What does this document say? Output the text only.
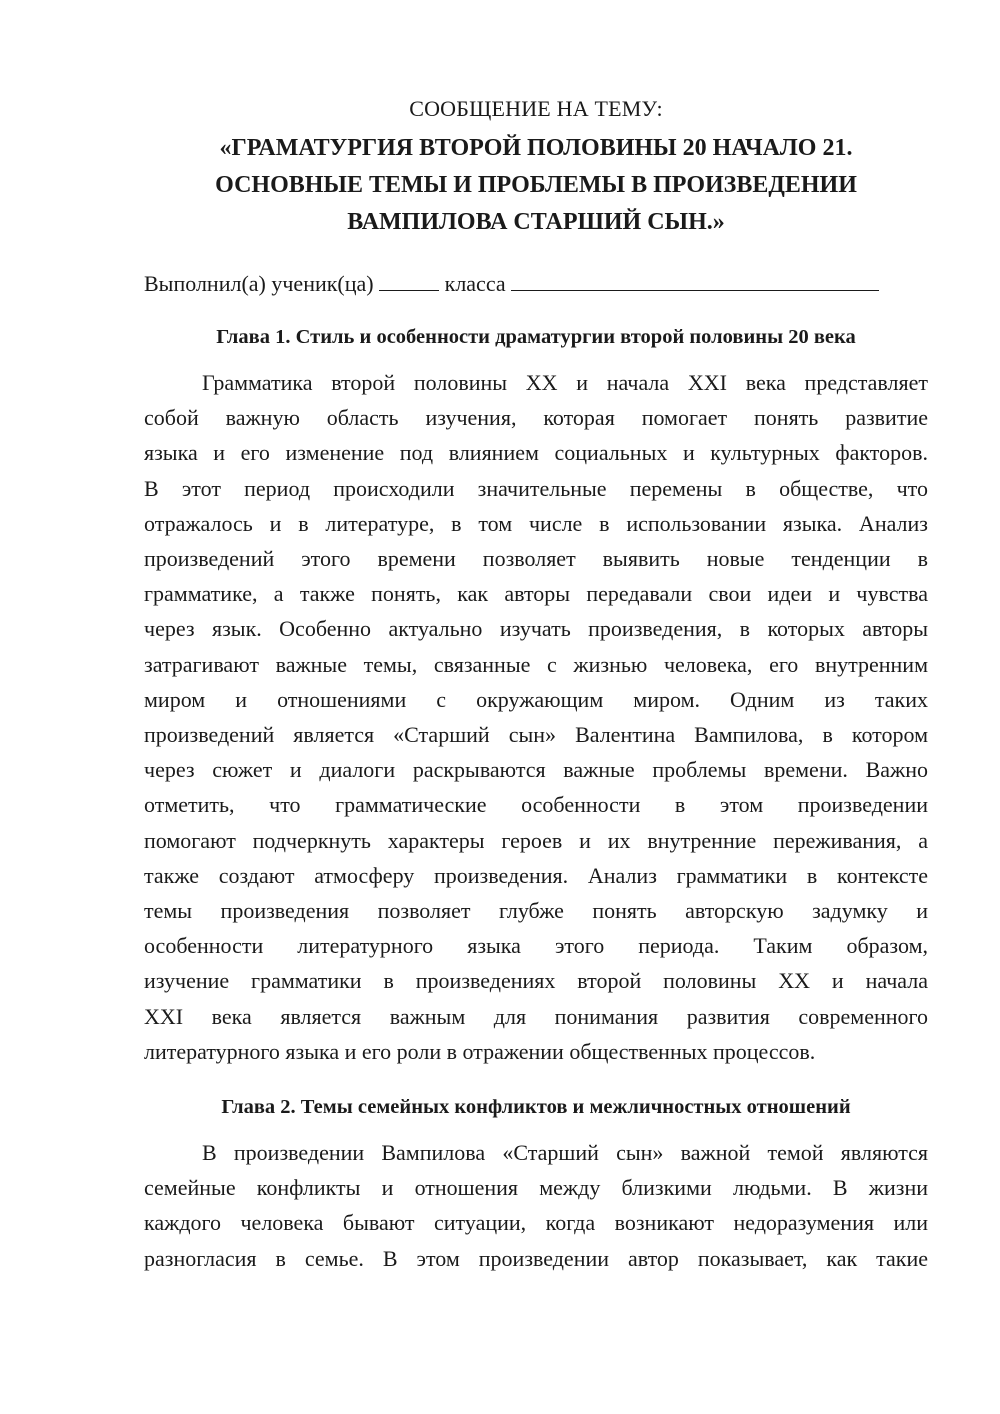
СООБЩЕНИЕ НА ТЕМУ:

«ГРАМАТУРГИЯ ВТОРОЙ ПОЛОВИНЫ 20 НАЧАЛО 21.
ОСНОВНЫЕ ТЕМЫ И ПРОБЛЕМЫ В ПРОИЗВЕДЕНИИ
ВАМПИЛОВА СТАРШИЙ СЫН.»

Выполнил(а) ученик(ца)	класса

Глава 1. Стиль и особенности драматургии второй половины 20 века
Грамматика второй половины XX и начала XXI века представляет
собой важную область изучения, которая помогает понять развитие
языка и его изменение под влиянием социальных и культурных факторов.
В этот период происходили значительные перемены в обществе, что
отражалось и в литературе, в том числе в использовании языка. Анализ
произведений этого времени позволяет выявить новые тенденции в
грамматике, а также понять, как авторы передавали свои идеи и чувства
через язык. Особенно актуально изучать произведения, в которых авторы
затрагивают важные темы, связанные с жизнью человека, его внутренним
миром и отношениями с окружающим миром. Одним из таких
произведений является «Старший сын» Валентина Вампилова, в котором
через сюжет и диалоги раскрываются важные проблемы времени. Важно
отметить, что грамматические особенности в этом произведении
помогают подчеркнуть характеры героев и их внутренние переживания, а
также создают атмосферу произведения. Анализ грамматики в контексте
темы произведения позволяет глубже понять авторскую задумку и
особенности литературного языка этого периода. Таким образом,
изучение грамматики в произведениях второй половины XX и начала
XXI века является важным для понимания развития современного
литературного языка и его роли в отражении общественных процессов.
Глава 2. Темы семейных конфликтов и межличностных отношений
В произведении Вампилова «Старший сын» важной темой являются
семейные конфликты и отношения между близкими людьми. В жизни
каждого человека бывают ситуации, когда возникают недоразумения или
разногласия в семье. В этом произведении автор показывает, как такие
